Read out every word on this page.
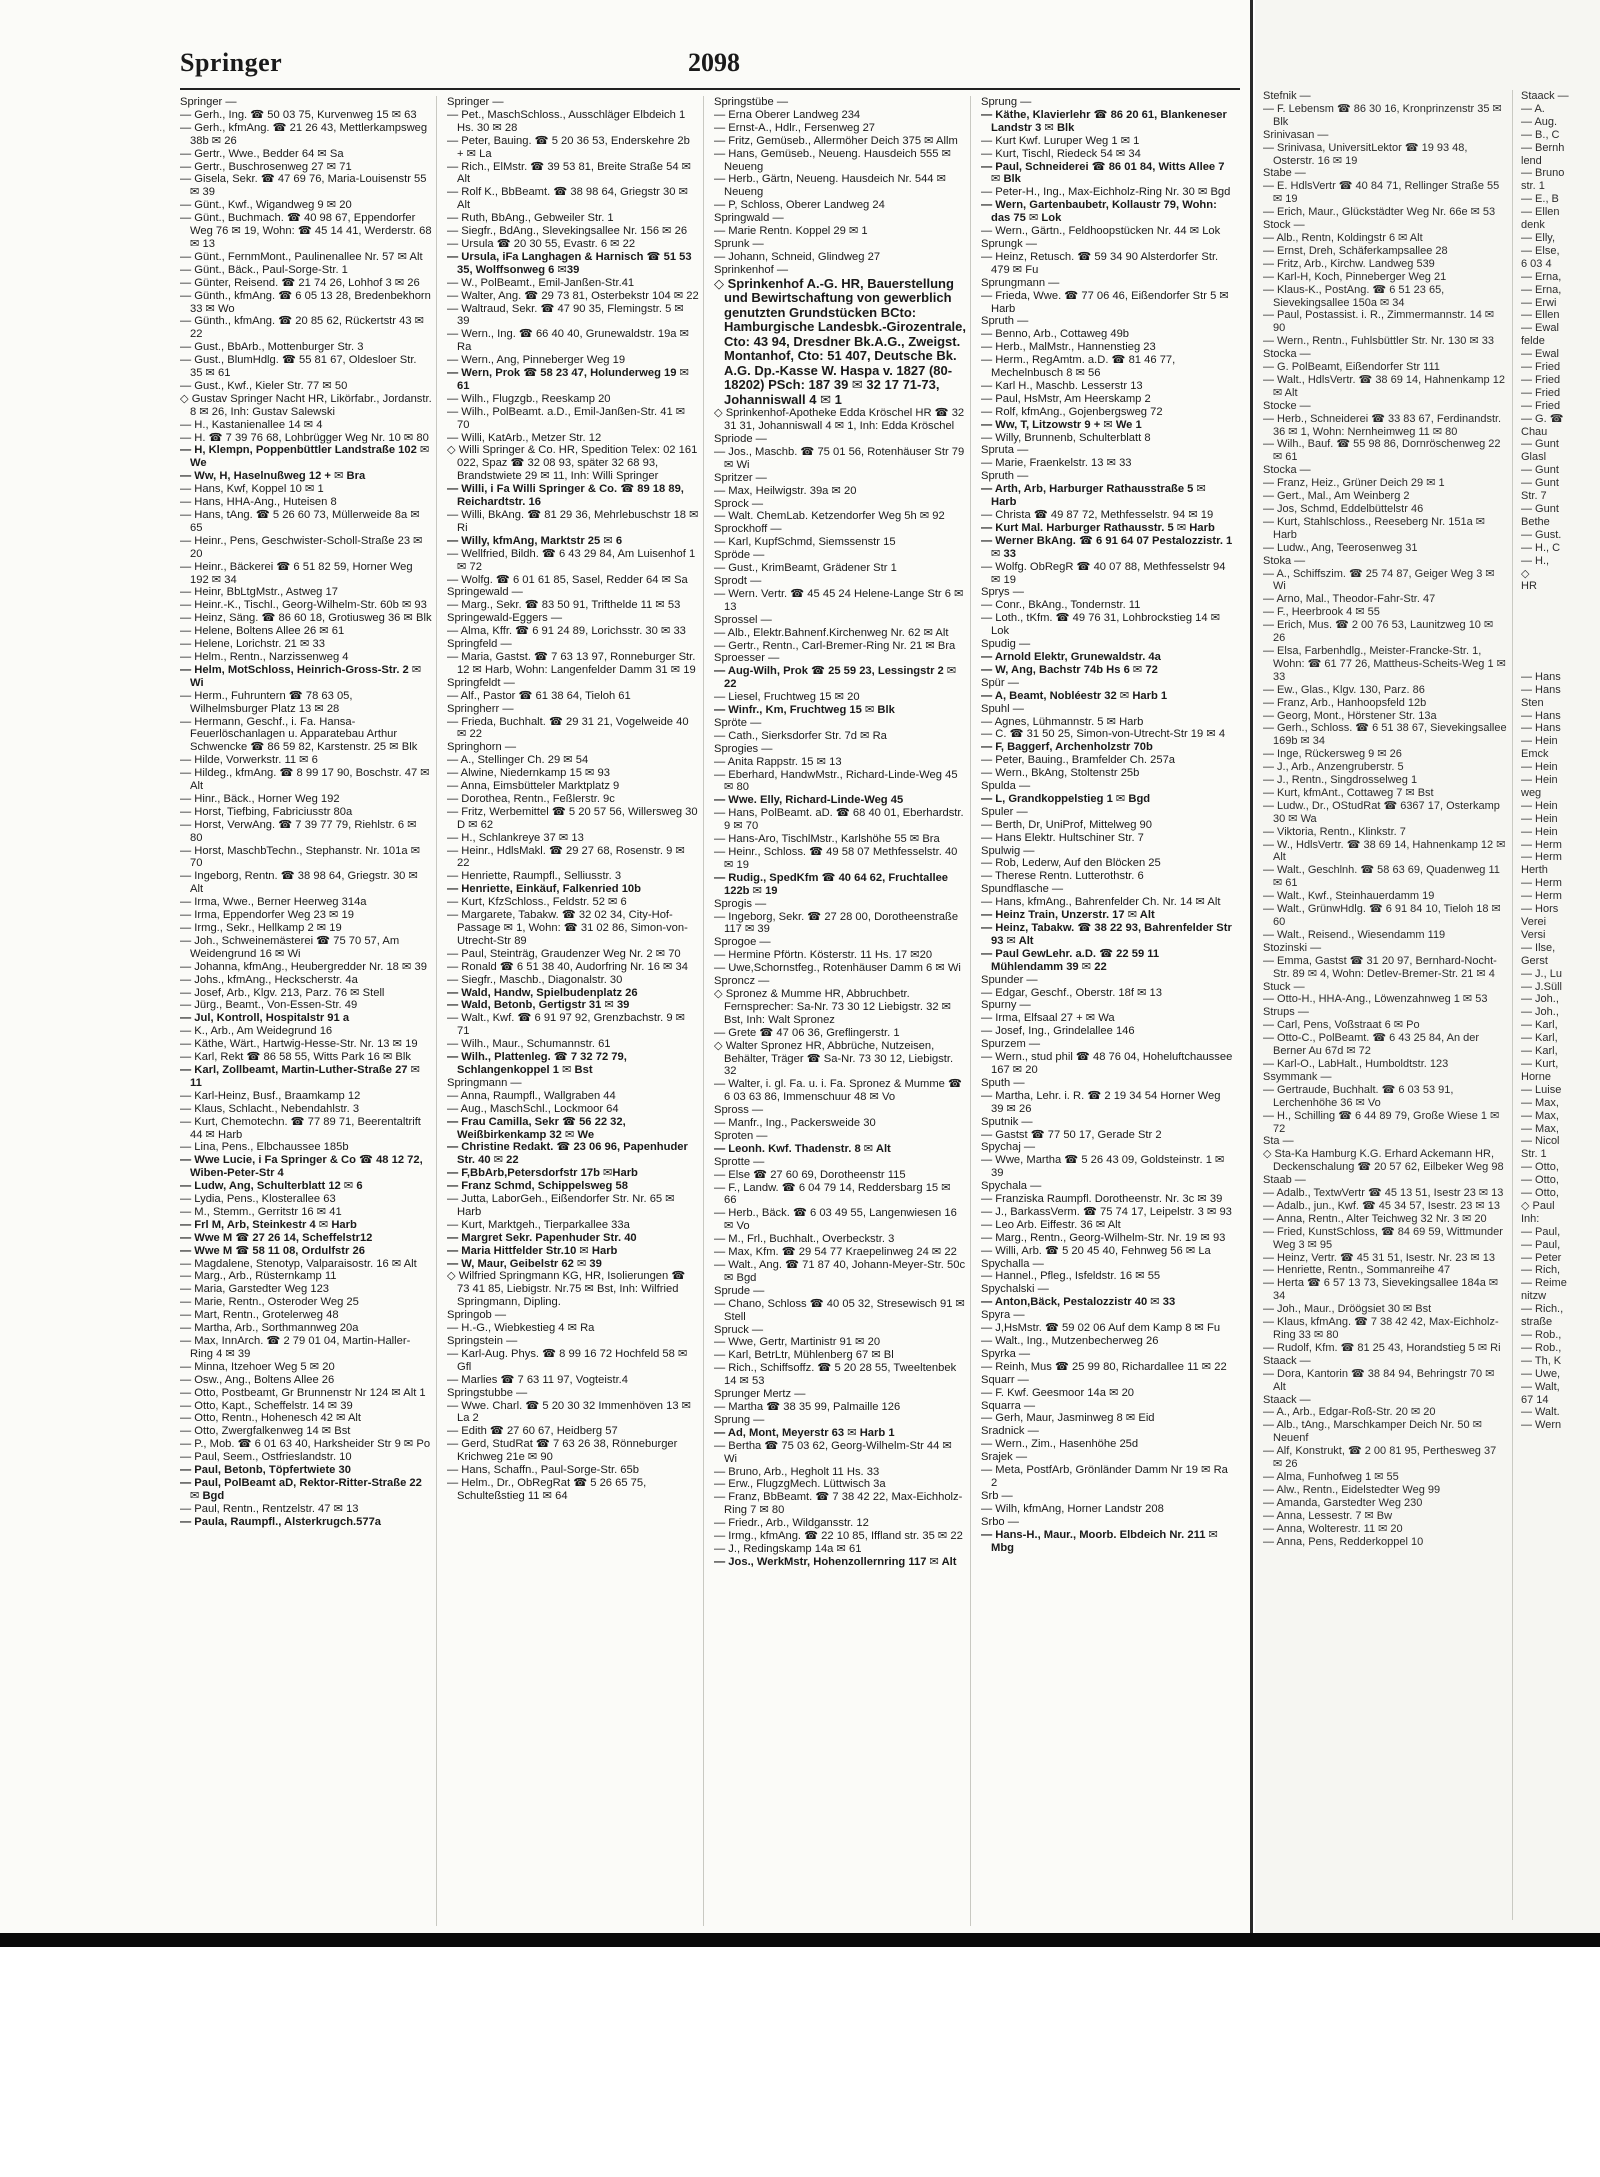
Springer	2098
Springer —
— Gerh., Ing. ☎ 50 03 75, Kurvenweg 15 ✉ 63
— Gerh., kfmAng. ☎ 21 26 43, Mettlerkampsweg 38b ✉ 26
— Gertr., Wwe., Bedder 64 ✉ Sa
— Gertr., Buschrosenweg 27 ✉ 71
— Gisela, Sekr. ☎ 47 69 76, Maria-Louisenstr 55 ✉ 39
— Günt., Kwf., Wigandweg 9 ✉ 20
— Günt., Buchmach. ☎ 40 98 67, Eppendorfer Weg 76 ✉ 19, Wohn: ☎ 45 14 41, Werderstr. 68 ✉ 13
— Günt., FernmMont., Paulinenallee Nr. 57 ✉ Alt
— Günt., Bäck., Paul-Sorge-Str. 1
— Günter, Reisend. ☎ 21 74 26, Lohhof 3 ✉ 26
— Günth., kfmAng. ☎ 6 05 13 28, Bredenbekhorn 33 ✉ Wo
— Günth., kfmAng. ☎ 20 85 62, Rückertstr 43 ✉ 22
— Gust., BbArb., Mottenburger Str. 3
— Gust., BlumHdlg. ☎ 55 81 67, Oldesloer Str. 35 ✉ 61
— Gust., Kwf., Kieler Str. 77 ✉ 50
◇ Gustav Springer Nacht HR, Likörfabr., Jordanstr. 8 ✉ 26, Inh: Gustav Salewski
— H., Kastanienallee 14 ✉ 4
— H. ☎ 7 39 76 68, Lohbrügger Weg Nr. 10 ✉ 80
— H, Klempn, Poppenbüttler Landstraße 102 ✉ We
— Ww, H, Haselnußweg 12 + ✉ Bra
— Hans, Kwf, Koppel 10 ✉ 1
— Hans, HHA-Ang., Huteisen 8
— Hans, tAng. ☎ 5 26 60 73, Müllerweide 8a ✉ 65
— Heinr., Pens, Geschwister-Scholl-Straße 23 ✉ 20
— Heinr., Bäckerei ☎ 6 51 82 59, Horner Weg 192 ✉ 34
— Heinr, BbLtgMstr., Astweg 17
— Heinr.-K., Tischl., Georg-Wilhelm-Str. 60b ✉ 93
— Heinz, Säng. ☎ 86 60 18, Grotiusweg 36 ✉ Blk
— Helene, Boltens Allee 26 ✉ 61
— Helene, Lorichstr. 21 ✉ 33
— Helm., Rentn., Narzissenweg 4
— Helm, MotSchloss, Heinrich-Gross-Str. 2 ✉ Wi
— Herm., Fuhruntern ☎ 78 63 05, Wilhelmsburger Platz 13 ✉ 28
— Hermann, Geschf., i. Fa. Hansa-Feuerlöschanlagen u. Apparatebau Arthur Schwencke ☎ 86 59 82, Karstenstr. 25 ✉ Blk
— Hilde, Vorwerkstr. 11 ✉ 6
— Hildeg., kfmAng. ☎ 8 99 17 90, Boschstr. 47 ✉ Alt
— Hinr., Bäck., Horner Weg 192
— Horst, Tiefbing, Fabriciusstr 80a
— Horst, VerwAng. ☎ 7 39 77 79, Riehlstr. 6 ✉ 80
— Horst, MaschbTechn., Stephanstr. Nr. 101a ✉ 70
— Ingeborg, Rentn. ☎ 38 98 64, Griegstr. 30 ✉ Alt
— Irma, Wwe., Berner Heerweg 314a
— Irma, Eppendorfer Weg 23 ✉ 19
— Irmg., Sekr., Hellkamp 2 ✉ 19
— Joh., Schweinemästerei ☎ 75 70 57, Am Weidengrund 16 ✉ Wi
— Johanna, kfmAng., Heubergredder Nr. 18 ✉ 39
— Johs., kfmAng., Heckscherstr. 4a
— Josef, Arb., Klgv. 213, Parz. 76 ✉ Stell
— Jürg., Beamt., Von-Essen-Str. 49
— Jul, Kontroll, Hospitalstr 91 a
— K., Arb., Am Weidegrund 16
— Käthe, Wärt., Hartwig-Hesse-Str. Nr. 13 ✉ 19
— Karl, Rekt ☎ 86 58 55, Witts Park 16 ✉ Blk
— Karl, Zollbeamt, Martin-Luther-Straße 27 ✉ 11
— Karl-Heinz, Busf., Braamkamp 12
— Klaus, Schlacht., Nebendahlstr. 3
— Kurt, Chemotechn. ☎ 77 89 71, Beerentaltrift 44 ✉ Harb
— Lina, Pens., Elbchaussee 185b
— Wwe Lucie, i Fa Springer & Co ☎ 48 12 72, Wiben-Peter-Str 4
— Ludw, Ang, Schulterblatt 12 ✉ 6
— Lydia, Pens., Klosterallee 63
— M., Stemm., Gerritstr 16 ✉ 41
— Frl M, Arb, Steinkestr 4 ✉ Harb
— Wwe M ☎ 27 26 14, Scheffelstr12
— Wwe M ☎ 58 11 08, Ordulfstr 26
— Magdalene, Stenotyp, Valparaisostr. 16 ✉ Alt
— Marg., Arb., Rüsternkamp 11
— Maria, Garstedter Weg 123
— Marie, Rentn., Osteroder Weg 25
— Mart, Rentn., Grotelerweg 48
— Martha, Arb., Sorthmannweg 20a
— Max, InnArch. ☎ 2 79 01 04, Martin-Haller-Ring 4 ✉ 39
— Minna, Itzehoer Weg 5 ✉ 20
— Osw., Ang., Boltens Allee 26
— Otto, Postbeamt, Gr Brunnenstr Nr 124 ✉ Alt 1
— Otto, Kapt., Scheffelstr. 14 ✉ 39
— Otto, Rentn., Hohenesch 42 ✉ Alt
— Otto, Zwergfalkenweg 14 ✉ Bst
— P., Mob. ☎ 6 01 63 40, Harksheider Str 9 ✉ Po
— Paul, Seem., Ostfrieslandstr. 10
— Paul, Betonb, Töpfertwiete 30
— Paul, PolBeamt aD, Rektor-Ritter-Straße 22 ✉ Bgd
— Paul, Rentn., Rentzelstr. 47 ✉ 13
— Paula, Raumpfl., Alsterkrugch.577a
Springer —
— Pet., MaschSchloss., Ausschläger Elbdeich 1 Hs. 30 ✉ 28
— Peter, Bauing. ☎ 5 20 36 53, Enderskehre 2b + ✉ La
— Rich., ElMstr. ☎ 39 53 81, Breite Straße 54 ✉ Alt
— Rolf K., BbBeamt. ☎ 38 98 64, Griegstr 30 ✉ Alt
— Ruth, BbAng., Gebweiler Str. 1
— Siegfr., BdAng., Slevekingsallee Nr. 156 ✉ 26
— Ursula ☎ 20 30 55, Evastr. 6 ✉ 22
— Ursula, iFa Langhagen & Harnisch ☎ 51 53 35, Wolffsonweg 6 ✉39
— W., PolBeamt., Emil-Janßen-Str.41
— Walter, Ang. ☎ 29 73 81, Osterbekstr 104 ✉ 22
— Waltraud, Sekr. ☎ 47 90 35, Flemingstr. 5 ✉ 39
— Wern., Ing. ☎ 66 40 40, Grunewaldstr. 19a ✉ Ra
— Wern., Ang, Pinneberger Weg 19
— Wern, Prok ☎ 58 23 47, Holunderweg 19 ✉ 61
— Wilh., Flugzgb., Reeskamp 20
— Wilh., PolBeamt. a.D., Emil-Janßen-Str. 41 ✉ 70
— Willi, KatArb., Metzer Str. 12
◇ Willi Springer & Co. HR, Spedition Telex: 02 161 022, Spaz ☎ 32 08 93, später 32 68 93, Brandstwiete 29 ✉ 11, Inh: Willi Springer
— Willi, i Fa Willi Springer & Co. ☎ 89 18 89, Reichardtstr. 16
— Willi, BkAng. ☎ 81 29 36, Mehrlebuschstr 18 ✉ Ri
— Willy, kfmAng, Marktstr 25 ✉ 6
— Wellfried, Bildh. ☎ 6 43 29 84, Am Luisenhof 1 ✉ 72
— Wolfg. ☎ 6 01 61 85, Sasel, Redder 64 ✉ Sa
Springewald —
— Marg., Sekr. ☎ 83 50 91, Trifthelde 11 ✉ 53
Springewald-Eggers —
— Alma, Kffr. ☎ 6 91 24 89, Lorichsstr. 30 ✉ 33
Springfeld —
— Maria, Gastst. ☎ 7 63 13 97, Ronneburger Str. 12 ✉ Harb, Wohn: Langenfelder Damm 31 ✉ 19
Springfeldt —
— Alf., Pastor ☎ 61 38 64, Tieloh 61
Springherr —
— Frieda, Buchhalt. ☎ 29 31 21, Vogelweide 40 ✉ 22
Springhorn —
— A., Stellinger Ch. 29 ✉ 54
— Alwine, Niedernkamp 15 ✉ 93
— Anna, Eimsbütteler Marktplatz 9
— Dorothea, Rentn., Feßlerstr. 9c
— Fritz, Werbemittel ☎ 5 20 57 56, Willersweg 30 D ✉ 62
— H., Schlankreye 37 ✉ 13
— Heinr., HdlsMakl. ☎ 29 27 68, Rosenstr. 9 ✉ 22
— Henriette, Raumpfl., Selliusstr. 3
— Henriette, Einkäuf, Falkenried 10b
— Kurt, KfzSchloss., Feldstr. 52 ✉ 6
— Margarete, Tabakw. ☎ 32 02 34, City-Hof-Passage ✉ 1, Wohn: ☎ 31 02 86, Simon-von-Utrecht-Str 89
— Paul, Steinträg, Graudenzer Weg Nr. 2 ✉ 70
— Ronald ☎ 6 51 38 40, Audorfring Nr. 16 ✉ 34
— Siegfr., Maschb., Diagonalstr. 30
— Wald, Handw, Spielbudenplatz 26
— Wald, Betonb, Gertigstr 31 ✉ 39
— Walt., Kwf. ☎ 6 91 97 92, Grenzbachstr. 9 ✉ 71
— Wilh., Maur., Schumannstr. 61
— Wilh., Plattenleg. ☎ 7 32 72 79, Schlangenkoppel 1 ✉ Bst
Springmann —
— Anna, Raumpfl., Wallgraben 44
— Aug., MaschSchl., Lockmoor 64
— Frau Camilla, Sekr ☎ 56 22 32, Weißbirkenkamp 32 ✉ We
— Christine Redakt. ☎ 23 06 96, Papenhuder Str. 40 ✉ 22
— F,BbArb,Petersdorfstr 17b ✉Harb
— Franz Schmd, Schippelsweg 58
— Jutta, LaborGeh., Eißendorfer Str. Nr. 65 ✉ Harb
— Kurt, Marktgeh., Tierparkallee 33a
— Margret Sekr. Papenhuder Str. 40
— Maria Hittfelder Str.10 ✉ Harb
— W, Maur, Geibelstr 62 ✉ 39
◇ Wilfried Springmann KG, HR, Isolierungen ☎ 73 41 85, Liebigstr. Nr.75 ✉ Bst, Inh: Wilfried Springmann, Dipling.
Springob —
— H.-G., Wiebkestieg 4 ✉ Ra
Springstein —
— Karl-Aug. Phys. ☎ 8 99 16 72 Hochfeld 58 ✉ Gfl
— Marlies ☎ 7 63 11 97, Vogteistr.4
Springstubbe —
— Wwe. Charl. ☎ 5 20 30 32 Immenhöven 13 ✉ La 2
— Edith ☎ 27 60 67, Heidberg 57
— Gerd, StudRat ☎ 7 63 26 38, Rönneburger Krichweg 21e ✉ 90
— Hans, Schaffn., Paul-Sorge-Str. 65b
— Helm., Dr., ObRegRat ☎ 5 26 65 75, Schulteßstieg 11 ✉ 64
Springstübe —
— Erna Oberer Landweg 234
— Ernst-A., Hdlr., Fersenweg 27
— Fritz, Gemüseb., Allermöher Deich 375 ✉ Allm
— Hans, Gemüseb., Neueng. Hausdeich 555 ✉ Neueng
— Herb., Gärtn, Neueng. Hausdeich Nr. 544 ✉ Neueng
— P, Schloss, Oberer Landweg 24
Springwald —
— Marie Rentn. Koppel 29 ✉ 1
Sprunk —
— Johann, Schneid, Glindweg 27
Sprinkenhof —
◇ Sprinkenhof A.-G. HR, Bauerstellung und Bewirtschaftung von gewerblich genutzten Grundstücken BCto: Hamburgische Landesbk.-Girozentrale, Cto: 43 94, Dresdner Bk.A.G., Zweigst. Montanhof, Cto: 51 407, Deutsche Bk. A.G. Dp.-Kasse W. Haspa v. 1827 (80-18202) PSch: 187 39 ✉ 32 17 71-73, Johanniswall 4 ✉ 1
◇ Sprinkenhof-Apotheke Edda Kröschel HR ☎ 32 31 31, Johanniswall 4 ✉ 1, Inh: Edda Kröschel
Spriode —
— Jos., Maschb. ☎ 75 01 56, Rotenhäuser Str 79 ✉ Wi
Spritzer —
— Max, Heilwigstr. 39a ✉ 20
Sprock —
— Walt. ChemLab. Ketzendorfer Weg 5h ✉ 92
Sprockhoff —
— Karl, KupfSchmd, Siemssenstr 15
Spröde —
— Gust., KrimBeamt, Grädener Str 1
Sprodt —
— Wern. Vertr. ☎ 45 45 24 Helene-Lange Str 6 ✉ 13
Sprossel —
— Alb., Elektr.Bahnenf.Kirchenweg Nr. 62 ✉ Alt
— Gertr., Rentn., Carl-Bremer-Ring Nr. 21 ✉ Bra
Sproesser —
— Aug-Wilh, Prok ☎ 25 59 23, Lessingstr 2 ✉ 22
— Liesel, Fruchtweg 15 ✉ 20
— Winfr., Km, Fruchtweg 15 ✉ Blk
Spröte —
— Cath., Sierksdorfer Str. 7d ✉ Ra
Sprogies —
— Anita Rappstr. 15 ✉ 13
— Eberhard, HandwMstr., Richard-Linde-Weg 45 ✉ 80
— Wwe. Elly, Richard-Linde-Weg 45
— Hans, PolBeamt. aD. ☎ 68 40 01, Eberhardstr. 9 ✉ 70
— Hans-Aro, TischlMstr., Karlshöhe 55 ✉ Bra
— Heinr., Schloss. ☎ 49 58 07 Methfesselstr. 40 ✉ 19
— Rudig., SpedKfm ☎ 40 64 62, Fruchtallee 122b ✉ 19
Sprogis —
— Ingeborg, Sekr. ☎ 27 28 00, Dorotheenstraße 117 ✉ 39
Sprogoe —
— Hermine Pförtn. Kösterstr. 11 Hs. 17 ✉20
— Uwe,Schornstfeg., Rotenhäuser Damm 6 ✉ Wi
Sproncz —
◇ Spronez & Mumme HR, Abbruchbetr. Fernsprecher: Sa-Nr. 73 30 12 Liebigstr. 32 ✉ Bst, Inh: Walt Spronez
— Grete ☎ 47 06 36, Greflingerstr. 1
◇ Walter Spronez HR, Abbrüche, Nutzeisen, Behälter, Träger ☎ Sa-Nr. 73 30 12, Liebigstr. 32
— Walter, i. gl. Fa. u. i. Fa. Spronez & Mumme ☎ 6 03 63 86, Immenschuur 48 ✉ Vo
Spross —
— Manfr., Ing., Packersweide 30
Sproten —
— Leonh. Kwf. Thadenstr. 8 ✉ Alt
Sprotte —
— Else ☎ 27 60 69, Dorotheenstr 115
— F., Landw. ☎ 6 04 79 14, Reddersbarg 15 ✉ 66
— Herb., Bäck. ☎ 6 03 49 55, Langenwiesen 16 ✉ Vo
— M., Frl., Buchhalt., Overbeckstr. 3
— Max, Kfm. ☎ 29 54 77 Kraepelinweg 24 ✉ 22
— Walt., Ang. ☎ 71 87 40, Johann-Meyer-Str. 50c ✉ Bgd
Sprude —
— Chano, Schloss ☎ 40 05 32, Stresewisch 91 ✉ Stell
Spruck —
— Wwe, Gertr, Martinistr 91 ✉ 20
— Karl, BetrLtr, Mühlenberg 67 ✉ Bl
— Rich., Schiffsoffz. ☎ 5 20 28 55, Tweeltenbek 14 ✉ 53
Sprunger Mertz —
— Martha ☎ 38 35 99, Palmaille 126
Sprung —
— Ad, Mont, Meyerstr 63 ✉ Harb 1
— Bertha ☎ 75 03 62, Georg-Wilhelm-Str 44 ✉ Wi
— Bruno, Arb., Hegholt 11 Hs. 33
— Erw., FlugzgMech. Lüttwisch 3a
— Franz, BbBeamt. ☎ 7 38 42 22, Max-Eichholz-Ring 7 ✉ 80
— Friedr., Arb., Wildgansstr. 12
— Irmg., kfmAng. ☎ 22 10 85, Iffland str. 35 ✉ 22
— J., Redingskamp 14a ✉ 61
— Jos., WerkMstr, Hohenzollernring 117 ✉ Alt
Sprung —
— Käthe, Klavierlehr ☎ 86 20 61, Blankeneser Landstr 3 ✉ Blk
— Kurt Kwf. Luruper Weg 1 ✉ 1
— Kurt, Tischl, Riedeck 54 ✉ 34
— Paul, Schneiderei ☎ 86 01 84, Witts Allee 7 ✉ Blk
— Peter-H., Ing., Max-Eichholz-Ring Nr. 30 ✉ Bgd
— Wern, Gartenbaubetr, Kollaustr 79, Wohn: das 75 ✉ Lok
— Wern., Gärtn., Feldhoopstücken Nr. 44 ✉ Lok
Sprungk —
— Heinz, Retusch. ☎ 59 34 90 Alsterdorfer Str. 479 ✉ Fu
Sprungmann —
— Frieda, Wwe. ☎ 77 06 46, Eißendorfer Str 5 ✉ Harb
Spruth —
— Benno, Arb., Cottaweg 49b
— Herb., MalMstr., Hannenstieg 23
— Herm., RegAmtm. a.D. ☎ 81 46 77, Mechelnbusch 8 ✉ 56
— Karl H., Maschb. Lesserstr 13
— Paul, HsMstr, Am Heerskamp 2
— Rolf, kfmAng., Gojenbergsweg 72
— Ww, T, Litzowstr 9 + ✉ We 1
— Willy, Brunnenb, Schulterblatt 8
Spruta —
— Marie, Fraenkelstr. 13 ✉ 33
Spruth —
— Arth, Arb, Harburger Rathausstraße 5 ✉ Harb
— Christa ☎ 49 87 72, Methfesselstr. 94 ✉ 19
— Kurt Mal. Harburger Rathausstr. 5 ✉ Harb
— Werner BkAng. ☎ 6 91 64 07 Pestalozzistr. 1 ✉ 33
— Wolfg. ObRegR ☎ 40 07 88, Methfesselstr 94 ✉ 19
Sprys —
— Conr., BkAng., Tondernstr. 11
— Loth., tKfm. ☎ 49 76 31, Lohbrockstieg 14 ✉ Lok
Spudig —
— Arnold Elektr, Grunewaldstr. 4a
— W, Ang, Bachstr 74b Hs 6 ✉ 72
Spür —
— A, Beamt, Nobléestr 32 ✉ Harb 1
Spuhl —
— Agnes, Lühmannstr. 5 ✉ Harb
— C. ☎ 31 50 25, Simon-von-Utrecht-Str 19 ✉ 4
— F, Baggerf, Archenholzstr 70b
— Peter, Bauing., Bramfelder Ch. 257a
— Wern., BkAng, Stoltenstr 25b
Spulda —
— L, Grandkoppelstieg 1 ✉ Bgd
Spuler —
— Berth, Dr, UniProf, Mittelweg 90
— Hans Elektr. Hultschiner Str. 7
Spulwig —
— Rob, Lederw, Auf den Blöcken 25
— Therese Rentn. Lutterothstr. 6
Spundflasche —
— Hans, kfmAng., Bahrenfelder Ch. Nr. 14 ✉ Alt
— Heinz Train, Unzerstr. 17 ✉ Alt
— Heinz, Tabakw. ☎ 38 22 93, Bahrenfelder Str 93 ✉ Alt
— Paul GewLehr. a.D. ☎ 22 59 11 Mühlendamm 39 ✉ 22
Spunder —
— Edgar, Geschf., Oberstr. 18f ✉ 13
Spurny —
— Irma, Elfsaal 27 + ✉ Wa
— Josef, Ing., Grindelallee 146
Spurzem —
— Wern., stud phil ☎ 48 76 04, Hoheluftchaussee 167 ✉ 20
Sputh —
— Martha, Lehr. i. R. ☎ 2 19 34 54 Horner Weg 39 ✉ 26
Sputnik —
— Gastst ☎ 77 50 17, Gerade Str 2
Spychaj —
— Wwe, Martha ☎ 5 26 43 09, Goldsteinstr. 1 ✉ 39
Spychala —
— Franziska Raumpfl. Dorotheenstr. Nr. 3c ✉ 39
— J., BarkassVerm. ☎ 75 74 17, Leipelstr. 3 ✉ 93
— Leo Arb. Eiffestr. 36 ✉ Alt
— Marg., Rentn., Georg-Wilhelm-Str. Nr. 19 ✉ 93
— Willi, Arb. ☎ 5 20 45 40, Fehnweg 56 ✉ La
Spychalla —
— Hannel., Pfleg., Isfeldstr. 16 ✉ 55
Spychalski —
— Anton,Bäck, Pestalozzistr 40 ✉ 33
Spyra —
— J,HsMstr. ☎ 59 02 06 Auf dem Kamp 8 ✉ Fu
— Walt., Ing., Mutzenbecherweg 26
Spyrka —
— Reinh, Mus ☎ 25 99 80, Richardallee 11 ✉ 22
Squarr —
— F. Kwf. Geesmoor 14a ✉ 20
Squarra —
— Gerh, Maur, Jasminweg 8 ✉ Eid
Sradnick —
— Wern., Zim., Hasenhöhe 25d
Srajek —
— Meta, PostfArb, Grönländer Damm Nr 19 ✉ Ra 2
Srb —
— Wilh, kfmAng, Horner Landstr 208
Srbo —
— Hans-H., Maur., Moorb. Elbdeich Nr. 211 ✉ Mbg
Stefnik —
— F. Lebensm ☎ 86 30 16, Kronprinzenstr 35 ✉ Blk
Srinivasan —
— Srinivasa, UniversitLektor ☎ 19 93 48, Osterstr. 16 ✉ 19
Stabe —
— E. HdlsVertr ☎ 40 84 71, Rellinger Straße 55 ✉ 19
— Erich, Maur., Glückstädter Weg Nr. 66e ✉ 53
Stock —
— Alb., Rentn, Koldingstr 6 ✉ Alt
— Ernst, Dreh, Schäferkampsallee 28
— Fritz, Arb., Kirchw. Landweg 539
— Karl-H, Koch, Pinneberger Weg 21
— Klaus-K., PostAng. ☎ 6 51 23 65, Sievekingsallee 150a ✉ 34
— Paul, Postassist. i. R., Zimmermannstr. 14 ✉ 90
— Wern., Rentn., Fuhlsbüttler Str. Nr. 130 ✉ 33
Stocka —
— G. PolBeamt, Eißendorfer Str 111
— Walt., HdlsVertr. ☎ 38 69 14, Hahnenkamp 12 ✉ Alt
Stocke —
— Herb., Schneiderei ☎ 33 83 67, Ferdinandstr. 36 ✉ 1, Wohn: Nernheimweg 11 ✉ 80
— Wilh., Bauf. ☎ 55 98 86, Dornröschenweg 22 ✉ 61
Stocka —
— Franz, Heiz., Grüner Deich 29 ✉ 1
— Gert., Mal., Am Weinberg 2
— Jos, Schmd, Eddelbüttelstr 46
— Kurt, Stahlschloss., Reeseberg Nr. 151a ✉ Harb
— Ludw., Ang, Teerosenweg 31
Stoka —
— A., Schiffszim. ☎ 25 74 87, Geiger Weg 3 ✉ Wi
— Arno, Mal., Theodor-Fahr-Str. 47
— F., Heerbrook 4 ✉ 55
— Erich, Mus. ☎ 2 00 76 53, Launitzweg 10 ✉ 26
— Elsa, Farbenhdlg., Meister-Francke-Str. 1, Wohn: ☎ 61 77 26, Mattheus-Scheits-Weg 1 ✉ 33
— Ew., Glas., Klgv. 130, Parz. 86
— Franz, Arb., Hanhoopsfeld 12b
— Georg, Mont., Hörstener Str. 13a
— Gerh., Schloss. ☎ 6 51 38 67, Sievekingsallee 169b ✉ 34
— Inge, Rückersweg 9 ✉ 26
— J., Arb., Anzengruberstr. 5
— J., Rentn., Singdrosselweg 1
— Kurt, kfmAnt., Cottaweg 7 ✉ Bst
— Ludw., Dr., OStudRat ☎ 6367 17, Osterkamp 30 ✉ Wa
— Viktoria, Rentn., Klinkstr. 7
— W., HdlsVertr. ☎ 38 69 14, Hahnenkamp 12 ✉ Alt
— Walt., Geschlnh. ☎ 58 63 69, Quadenweg 11 ✉ 61
— Walt., Kwf., Steinhauerdamm 19
— Walt., GrünwHdlg. ☎ 6 91 84 10, Tieloh 18 ✉ 60
— Walt., Reisend., Wiesendamm 119
Stozinski —
— Emma, Gastst ☎ 31 20 97, Bernhard-Nocht-Str. 89 ✉ 4, Wohn: Detlev-Bremer-Str. 21 ✉ 4
Stuck —
— Otto-H., HHA-Ang., Löwenzahnweg 1 ✉ 53
Strups —
— Carl, Pens, Voßstraat 6 ✉ Po
— Otto-C., PolBeamt. ☎ 6 43 25 84, An der Berner Au 67d ✉ 72
— Karl-O., LabHalt., Humboldtstr. 123
Ssymmank —
— Gertraude, Buchhalt. ☎ 6 03 53 91, Lerchenhöhe 36 ✉ Vo
— H., Schilling ☎ 6 44 89 79, Große Wiese 1 ✉ 72
Sta —
◇ Sta-Ka Hamburg K.G. Erhard Ackemann HR, Deckenschalung ☎ 20 57 62, Eilbeker Weg 98
Staab —
— Adalb., TextwVertr ☎ 45 13 51, Isestr 23 ✉ 13
— Adalb., jun., Kwf. ☎ 45 34 57, Isestr. 23 ✉ 13
— Anna, Rentn., Alter Teichweg 32 Nr. 3 ✉ 20
— Fried, KunstSchloss, ☎ 84 69 59, Wittmunder Weg 3 ✉ 95
— Heinz, Vertr. ☎ 45 31 51, Isestr. Nr. 23 ✉ 13
— Henriette, Rentn., Sommanreihe 47
— Herta ☎ 6 57 13 73, Sievekingsallee 184a ✉ 34
— Joh., Maur., Dröögsiet 30 ✉ Bst
— Klaus, kfmAng. ☎ 7 38 42 42, Max-Eichholz-Ring 33 ✉ 80
— Rudolf, Kfm. ☎ 81 25 43, Horandstieg 5 ✉ Ri
Staack —
— Dora, Kantorin ☎ 38 84 94, Behringstr 70 ✉ Alt
Staack —
— A., Arb., Edgar-Roß-Str. 20 ✉ 20
— Alb., tAng., Marschkamper Deich Nr. 50 ✉ Neuenf
— Alf, Konstrukt, ☎ 2 00 81 95, Perthesweg 37 ✉ 26
— Alma, Funhofweg 1 ✉ 55
— Alw., Rentn., Eidelstedter Weg 99
— Amanda, Garstedter Weg 230
— Anna, Lessestr. 7 ✉ Bw
— Anna, Wolterestr. 11 ✉ 20
— Anna, Pens, Redderkoppel 10
Staack —
— A.
— Aug.
— B., C
— Bernh
lend
— Bruno
str. 1
— E., B
— Ellen
denk
— Elly,
— Else,
6 03 4
— Erna,
— Erna,
— Erwi
— Ellen
— Ewal
felde
— Ewal
— Fried
— Fried
— Fried
— Fried
— G. ☎
Chau
— Gunt
Glasl
— Gunt
— Gunt
Str. 7
— Gunt
Bethe
— Gust.
— H., C
— H.,
◇
HR

— Hans
— Hans
Sten
— Hans
— Hans
— Hein
Emck
— Hein
— Hein
weg
— Hein
— Hein
— Hein
— Herm
— Herm
Herth
— Herm
— Herm
— Hors
Verei
Versi
— Ilse,
Gerst
— J., Lu
— J.Süll
— Joh.,
— Joh.,
— Karl,
— Karl,
— Karl,
— Kurt,
Horne
— Luise
— Max,
— Max,
— Max,
— Nicol
Str. 1
— Otto,
— Otto,
— Otto,
◇ Paul
Inh:
— Paul,
— Paul,
— Peter
— Rich,
— Reime
nitzw
— Rich.,
straße
— Rob.,
— Rob.,
— Th, K
— Uwe,
— Walt,
67 14
— Walt.
— Wern
